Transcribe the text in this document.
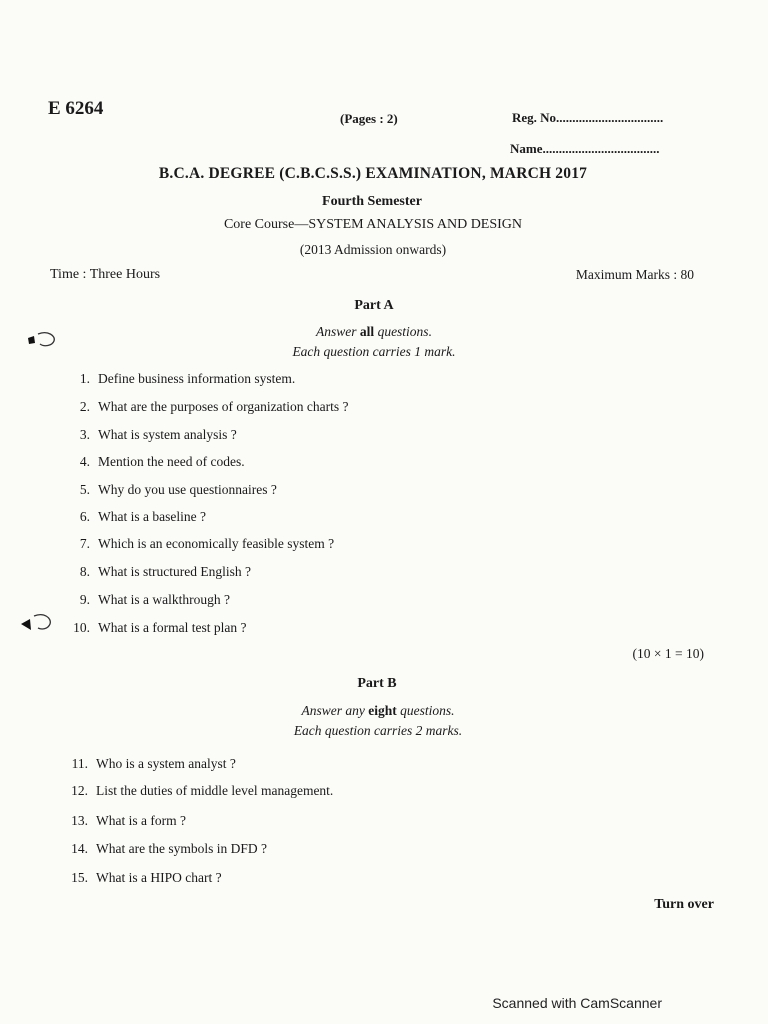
E 6264	(Pages : 2)	Reg. No.................................
Name....................................
B.C.A. DEGREE (C.B.C.S.S.) EXAMINATION, MARCH 2017
Fourth Semester
Core Course—SYSTEM ANALYSIS AND DESIGN
(2013 Admission onwards)
Time : Three Hours	Maximum Marks : 80
Part A
Answer all questions.
Each question carries 1 mark.
1. Define business information system.
2. What are the purposes of organization charts ?
3. What is system analysis ?
4. Mention the need of codes.
5. Why do you use questionnaires ?
6. What is a baseline ?
7. Which is an economically feasible system ?
8. What is structured English ?
9. What is a walkthrough ?
10. What is a formal test plan ?
(10 × 1 = 10)
Part B
Answer any eight questions.
Each question carries 2 marks.
11. Who is a system analyst ?
12. List the duties of middle level management.
13. What is a form ?
14. What are the symbols in DFD ?
15. What is a HIPO chart ?
Turn over
Scanned with CamScanner
